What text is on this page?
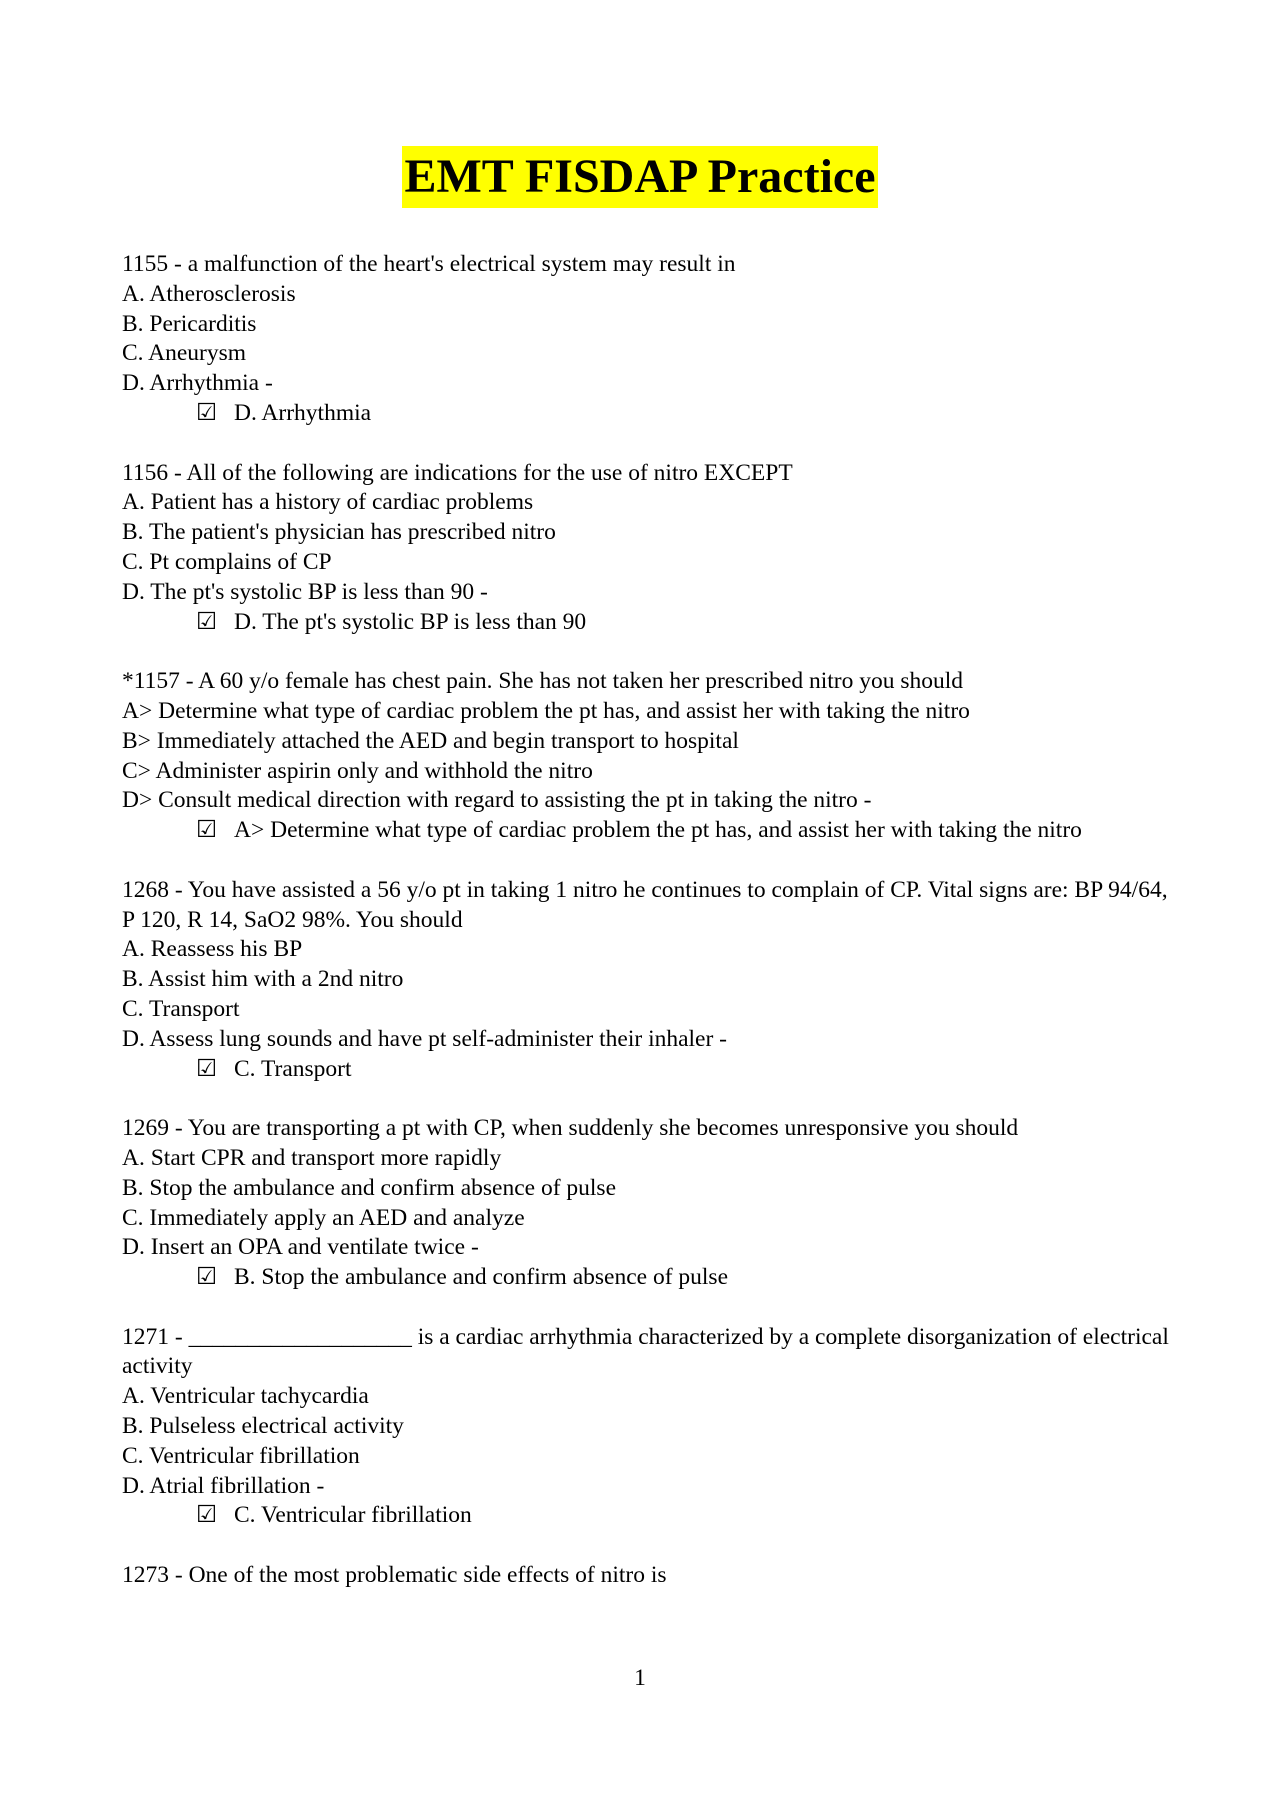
EMT FISDAP Practice
1155 - a malfunction of the heart's electrical system may result in
A. Atherosclerosis
B. Pericarditis
C. Aneurysm
D. Arrhythmia -
☑ D. Arrhythmia
1156 - All of the following are indications for the use of nitro EXCEPT
A. Patient has a history of cardiac problems
B. The patient's physician has prescribed nitro
C. Pt complains of CP
D. The pt's systolic BP is less than 90 -
☑ D. The pt's systolic BP is less than 90
*1157 - A 60 y/o female has chest pain. She has not taken her prescribed nitro you should
A> Determine what type of cardiac problem the pt has, and assist her with taking the nitro
B> Immediately attached the AED and begin transport to hospital
C> Administer aspirin only and withhold the nitro
D> Consult medical direction with regard to assisting the pt in taking the nitro -
☑ A> Determine what type of cardiac problem the pt has, and assist her with taking the nitro
1268 - You have assisted a 56 y/o pt in taking 1 nitro he continues to complain of CP. Vital signs are: BP 94/64, P 120, R 14, SaO2 98%. You should
A. Reassess his BP
B. Assist him with a 2nd nitro
C. Transport
D. Assess lung sounds and have pt self-administer their inhaler -
☑ C. Transport
1269 - You are transporting a pt with CP, when suddenly she becomes unresponsive you should
A. Start CPR and transport more rapidly
B. Stop the ambulance and confirm absence of pulse
C. Immediately apply an AED and analyze
D. Insert an OPA and ventilate twice -
☑ B. Stop the ambulance and confirm absence of pulse
1271 - ___________________ is a cardiac arrhythmia characterized by a complete disorganization of electrical activity
A. Ventricular tachycardia
B. Pulseless electrical activity
C. Ventricular fibrillation
D. Atrial fibrillation -
☑ C. Ventricular fibrillation
1273 - One of the most problematic side effects of nitro is
1
